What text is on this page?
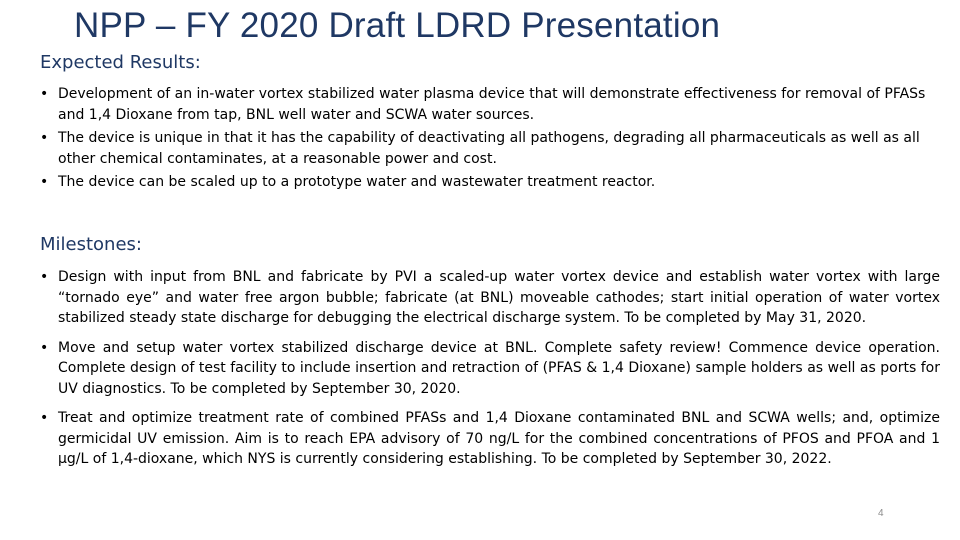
NPP – FY 2020 Draft LDRD Presentation
Expected Results:
• Development of an in-water vortex stabilized water plasma device that will demonstrate effectiveness for removal of PFASs and 1,4 Dioxane from tap, BNL well water and SCWA water sources.
• The device is unique in that it has the capability of deactivating all pathogens, degrading all pharmaceuticals as well as all other chemical contaminates, at a reasonable power and cost.
• The device can be scaled up to a prototype water and wastewater treatment reactor.
Milestones:
• Design with input from BNL and fabricate by PVI a scaled-up water vortex device and establish water vortex with large “tornado eye” and water free argon bubble; fabricate (at BNL) moveable cathodes; start initial operation of water vortex stabilized steady state discharge for debugging the electrical discharge system. To be completed by May 31, 2020.
• Move and setup water vortex stabilized discharge device at BNL. Complete safety review! Commence device operation. Complete design of test facility to include insertion and retraction of (PFAS & 1,4 Dioxane) sample holders as well as ports for UV diagnostics. To be completed by September 30, 2020.
• Treat and optimize treatment rate of combined PFASs and 1,4 Dioxane contaminated BNL and SCWA wells; and, optimize germicidal UV emission. Aim is to reach EPA advisory of 70 ng/L for the combined concentrations of PFOS and PFOA and 1 µg/L of 1,4-dioxane, which NYS is currently considering establishing. To be completed by September 30, 2022.
4
